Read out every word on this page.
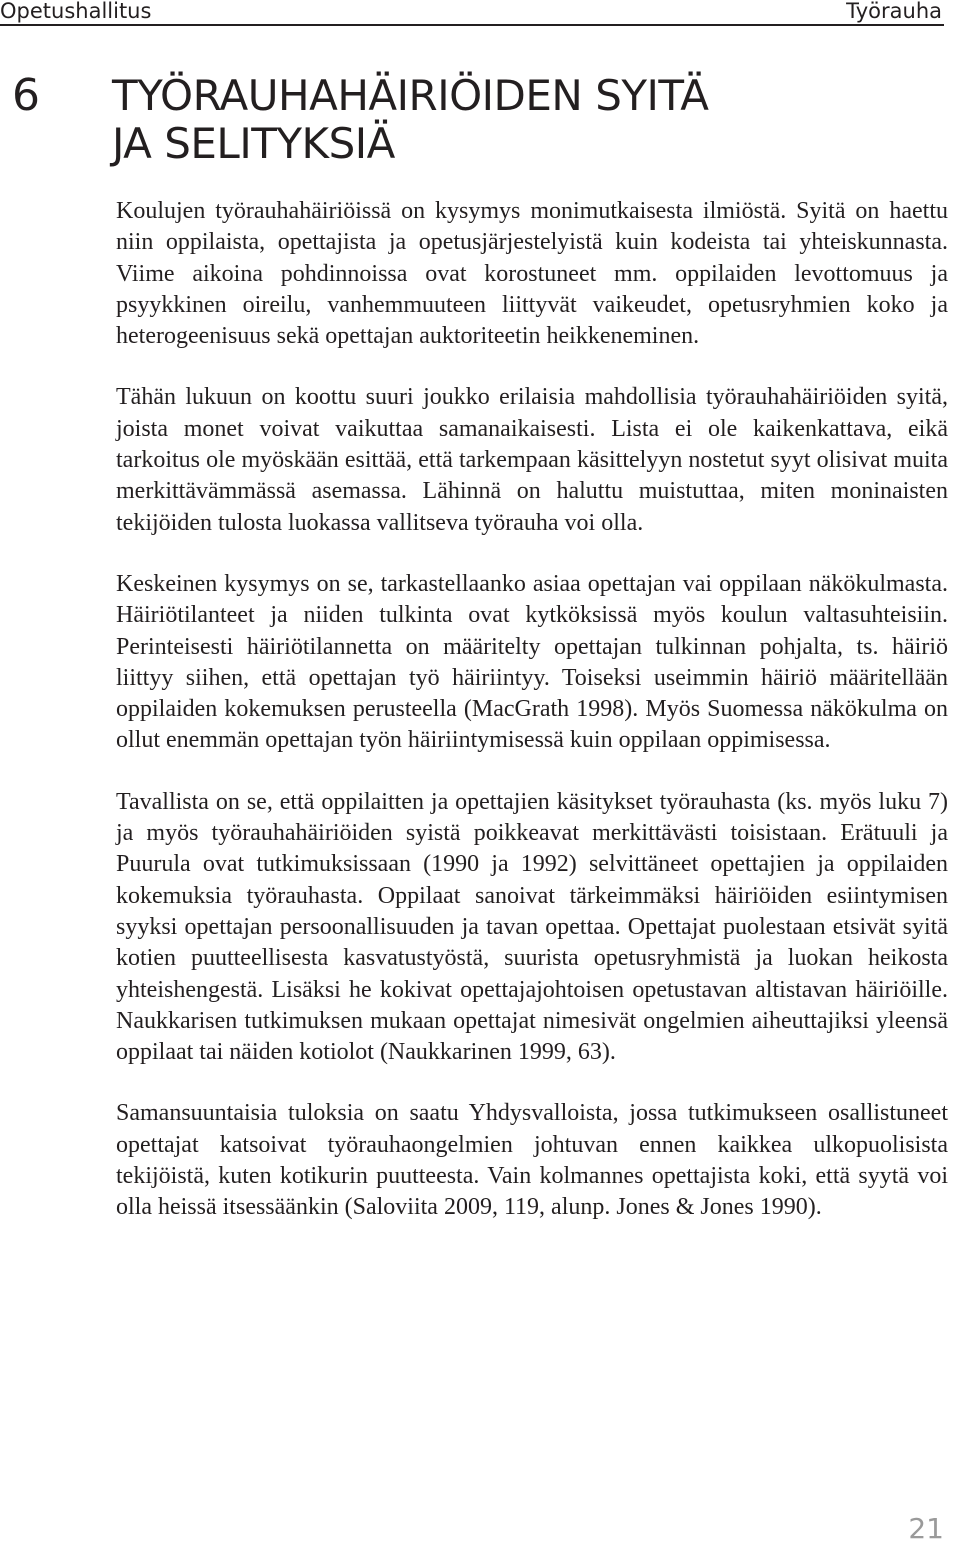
Opetushallitus	Työrauha
6 TYÖRAUHAHÄIRIÖIDEN SYITÄ
JA SELITYKSIÄ

Koulujen työrauhahäiriöissä on kysymys monimutkaisesta ilmiöstä. Syitä on haettu niin oppilaista, opettajista ja opetusjärjestelyistä kuin kodeista tai yhteiskunnasta. Viime aikoina pohdinnoissa ovat korostuneet mm. oppilaiden levottomuus ja psyykkinen oireilu, vanhemmuuteen liittyvät vaikeudet, opetusryhmien koko ja heterogeenisuus sekä opettajan auktoriteetin heikkeneminen.

Tähän lukuun on koottu suuri joukko erilaisia mahdollisia työrauhahäiriöiden syitä, joista monet voivat vaikuttaa samanaikaisesti. Lista ei ole kaikenkattava, eikä tarkoitus ole myöskään esittää, että tarkempaan käsittelyyn nostetut syyt olisivat muita merkittävämmässä asemassa. Lähinnä on haluttu muistuttaa, miten moninaisten tekijöiden tulosta luokassa vallitseva työrauha voi olla.

Keskeinen kysymys on se, tarkastellaanko asiaa opettajan vai oppilaan näkökulmasta. Häiriötilanteet ja niiden tulkinta ovat kytköksissä myös koulun valtasuhteisiin. Perinteisesti häiriötilannetta on määritelty opettajan tulkinnan pohjalta, ts. häiriö liittyy siihen, että opettajan työ häiriintyy. Toiseksi useimmin häiriö määritellään oppilaiden kokemuksen perusteella (MacGrath 1998). Myös Suomessa näkökulma on ollut enemmän opettajan työn häiriintymisessä kuin oppilaan oppimisessa.

Tavallista on se, että oppilaitten ja opettajien käsitykset työrauhasta (ks. myös luku 7) ja myös työrauhahäiriöiden syistä poikkeavat merkittävästi toisistaan. Erätuuli ja Puurula ovat tutkimuksissaan (1990 ja 1992) selvittäneet opettajien ja oppilaiden kokemuksia työrauhasta. Oppilaat sanoivat tärkeimmäksi häiriöiden esiintymisen syyksi opettajan persoonallisuuden ja tavan opettaa. Opettajat puolestaan etsivät syitä kotien puutteellisesta kasvatustyöstä, suurista opetusryhmistä ja luokan heikosta yhteishengestä. Lisäksi he kokivat opettajajohtoisen opetustavan altistavan häiriöille. Naukkarisen tutkimuksen mukaan opettajat nimesivät ongelmien aiheuttajiksi yleensä oppilaat tai näiden kotiolot (Naukkarinen 1999, 63).

Samansuuntaisia tuloksia on saatu Yhdysvalloista, jossa tutkimukseen osallistuneet opettajat katsoivat työrauhaongelmien johtuvan ennen kaikkea ulkopuolisista tekijöistä, kuten kotikurin puutteesta. Vain kolmannes opettajista koki, että syytä voi olla heissä itsessäänkin (Saloviita 2009, 119, alunp. Jones & Jones 1990).

21
